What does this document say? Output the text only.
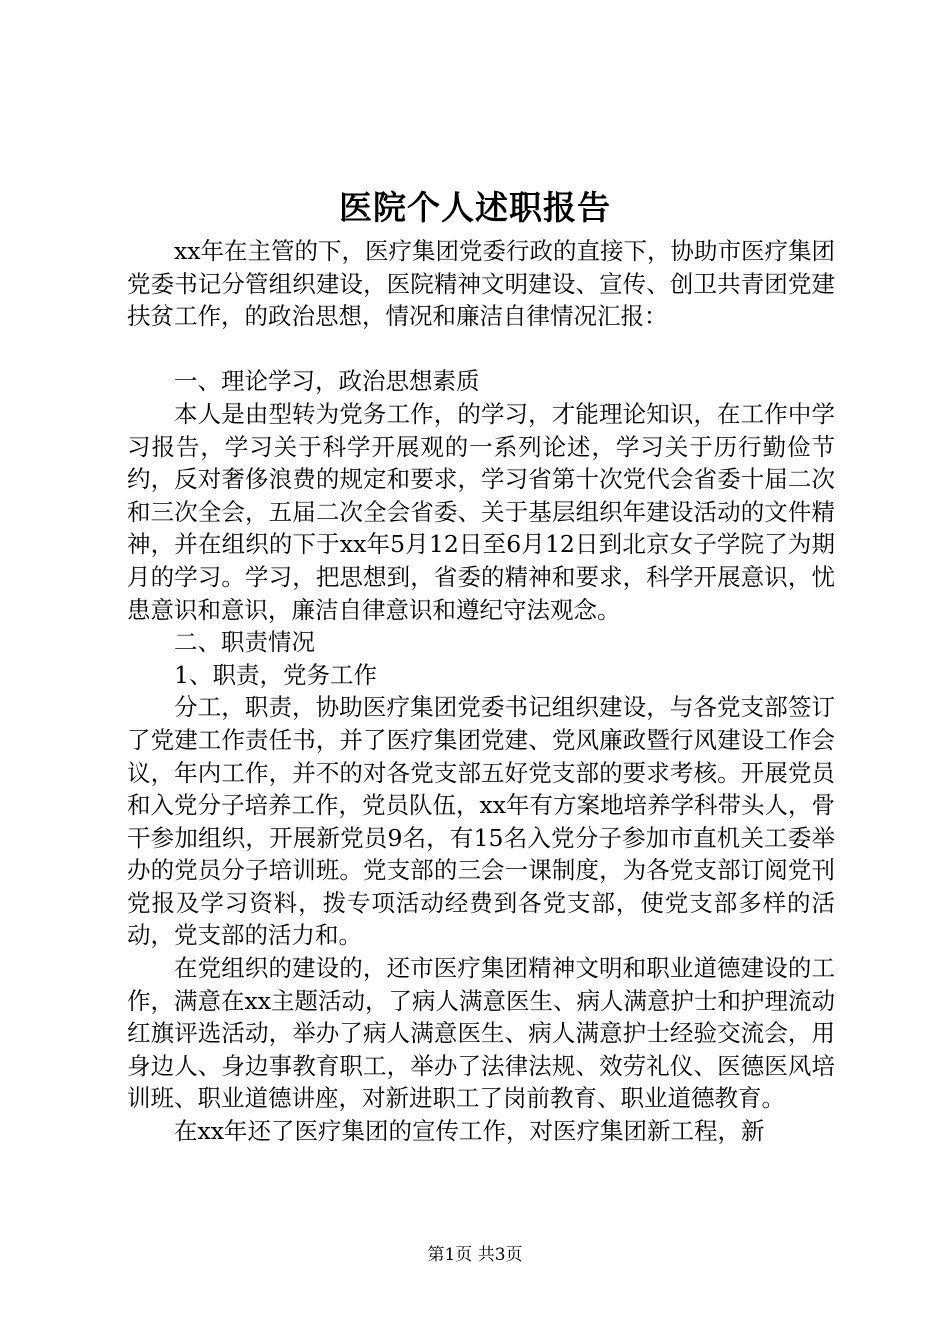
医院个人述职报告

xx年在主管的下，医疗集团党委行政的直接下，协助市医疗集团党委书记分管组织建设，医院精神文明建设、宣传、创卫共青团党建扶贫工作，的政治思想，情况和廉洁自律情况汇报：

一、理论学习，政治思想素质

本人是由型转为党务工作，的学习，才能理论知识，在工作中学习报告，学习关于科学开展观的一系列论述，学习关于历行勤俭节约，反对奢侈浪费的规定和要求，学习省第十次党代会省委十届二次和三次全会，五届二次全会省委、关于基层组织年建设活动的文件精神，并在组织的下于xx年5月12日至6月12日到北京女子学院了为期月的学习。学习，把思想到，省委的精神和要求，科学开展意识，忧患意识和意识，廉洁自律意识和遵纪守法观念。

二、职责情况

1、职责，党务工作

分工，职责，协助医疗集团党委书记组织建设，与各党支部签订了党建工作责任书，并了医疗集团党建、党风廉政暨行风建设工作会议，年内工作，并不的对各党支部五好党支部的要求考核。开展党员和入党分子培养工作，党员队伍，xx年有方案地培养学科带头人，骨干参加组织，开展新党员9名，有15名入党分子参加市直机关工委举办的党员分子培训班。党支部的三会一课制度，为各党支部订阅党刊党报及学习资料，拨专项活动经费到各党支部，使党支部多样的活动，党支部的活力和。

在党组织的建设的，还市医疗集团精神文明和职业道德建设的工作，满意在xx主题活动，了病人满意医生、病人满意护士和护理流动红旗评选活动，举办了病人满意医生、病人满意护士经验交流会，用身边人、身边事教育职工，举办了法律法规、效劳礼仪、医德医风培训班、职业道德讲座，对新进职工了岗前教育、职业道德教育。

在xx年还了医疗集团的宣传工作，对医疗集团新工程，新

第1页 共3页
